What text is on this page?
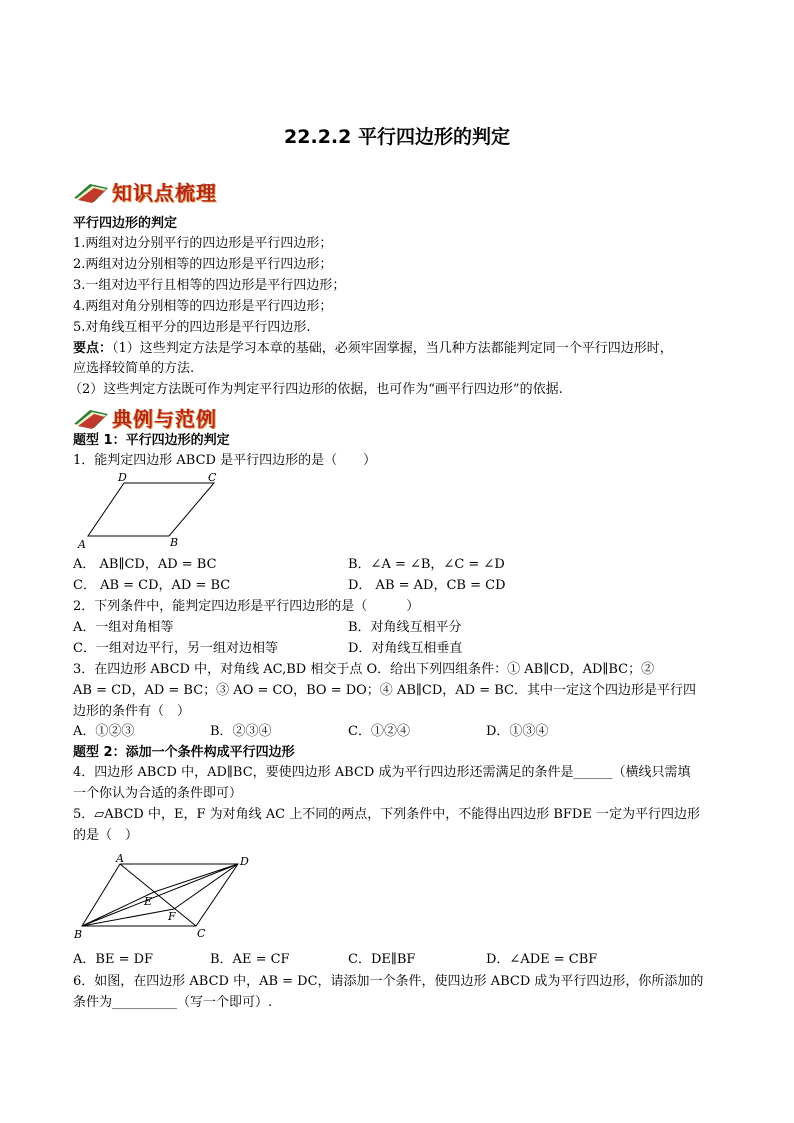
22.2.2 平行四边形的判定
知识点梳理
平行四边形的判定
1.两组对边分别平行的四边形是平行四边形；
2.两组对边分别相等的四边形是平行四边形；
3.一组对边平行且相等的四边形是平行四边形；
4.两组对角分别相等的四边形是平行四边形；
5.对角线互相平分的四边形是平行四边形.
要点：（1）这些判定方法是学习本章的基础，必须牢固掌握，当几种方法都能判定同一个平行四边形时，
应选择较简单的方法.
（2）这些判定方法既可作为判定平行四边形的依据，也可作为“画平行四边形”的依据.
典例与范例
题型 1：平行四边形的判定
1．能判定四边形 ABCD 是平行四边形的是（　　）
D	C
A	B
A． AB∥CD，AD = BC	B．∠A = ∠B，∠C = ∠D
C． AB = CD，AD = BC	D． AB = AD，CB = CD
2．下列条件中，能判定四边形是平行四边形的是（　　　）
A．一组对角相等	B．对角线互相平分
C．一组对边平行，另一组对边相等	D．对角线互相垂直
3．在四边形 ABCD 中，对角线 AC,BD 相交于点 O．给出下列四组条件：① AB∥CD，AD∥BC；②
AB = CD，AD = BC；③ AO = CO，BO = DO；④ AB∥CD，AD = BC．其中一定这个四边形是平行四
边形的条件有（　）
A．①②③	B．②③④	C．①②④	D．①③④
题型 2：添加一个条件构成平行四边形
4．四边形 ABCD 中，AD∥BC，要使四边形 ABCD 成为平行四边形还需满足的条件是______（横线只需填
一个你认为合适的条件即可）
5．▱ABCD 中，E，F 为对角线 AC 上不同的两点，下列条件中，不能得出四边形 BFDE 一定为平行四边形
的是（　）
A	D
B	C
E
F
A．BE = DF	B．AE = CF	C．DE∥BF	D．∠ADE = CBF
6．如图，在四边形 ABCD 中，AB = DC，请添加一个条件，使四边形 ABCD 成为平行四边形，你所添加的
条件为__________（写一个即可）.
